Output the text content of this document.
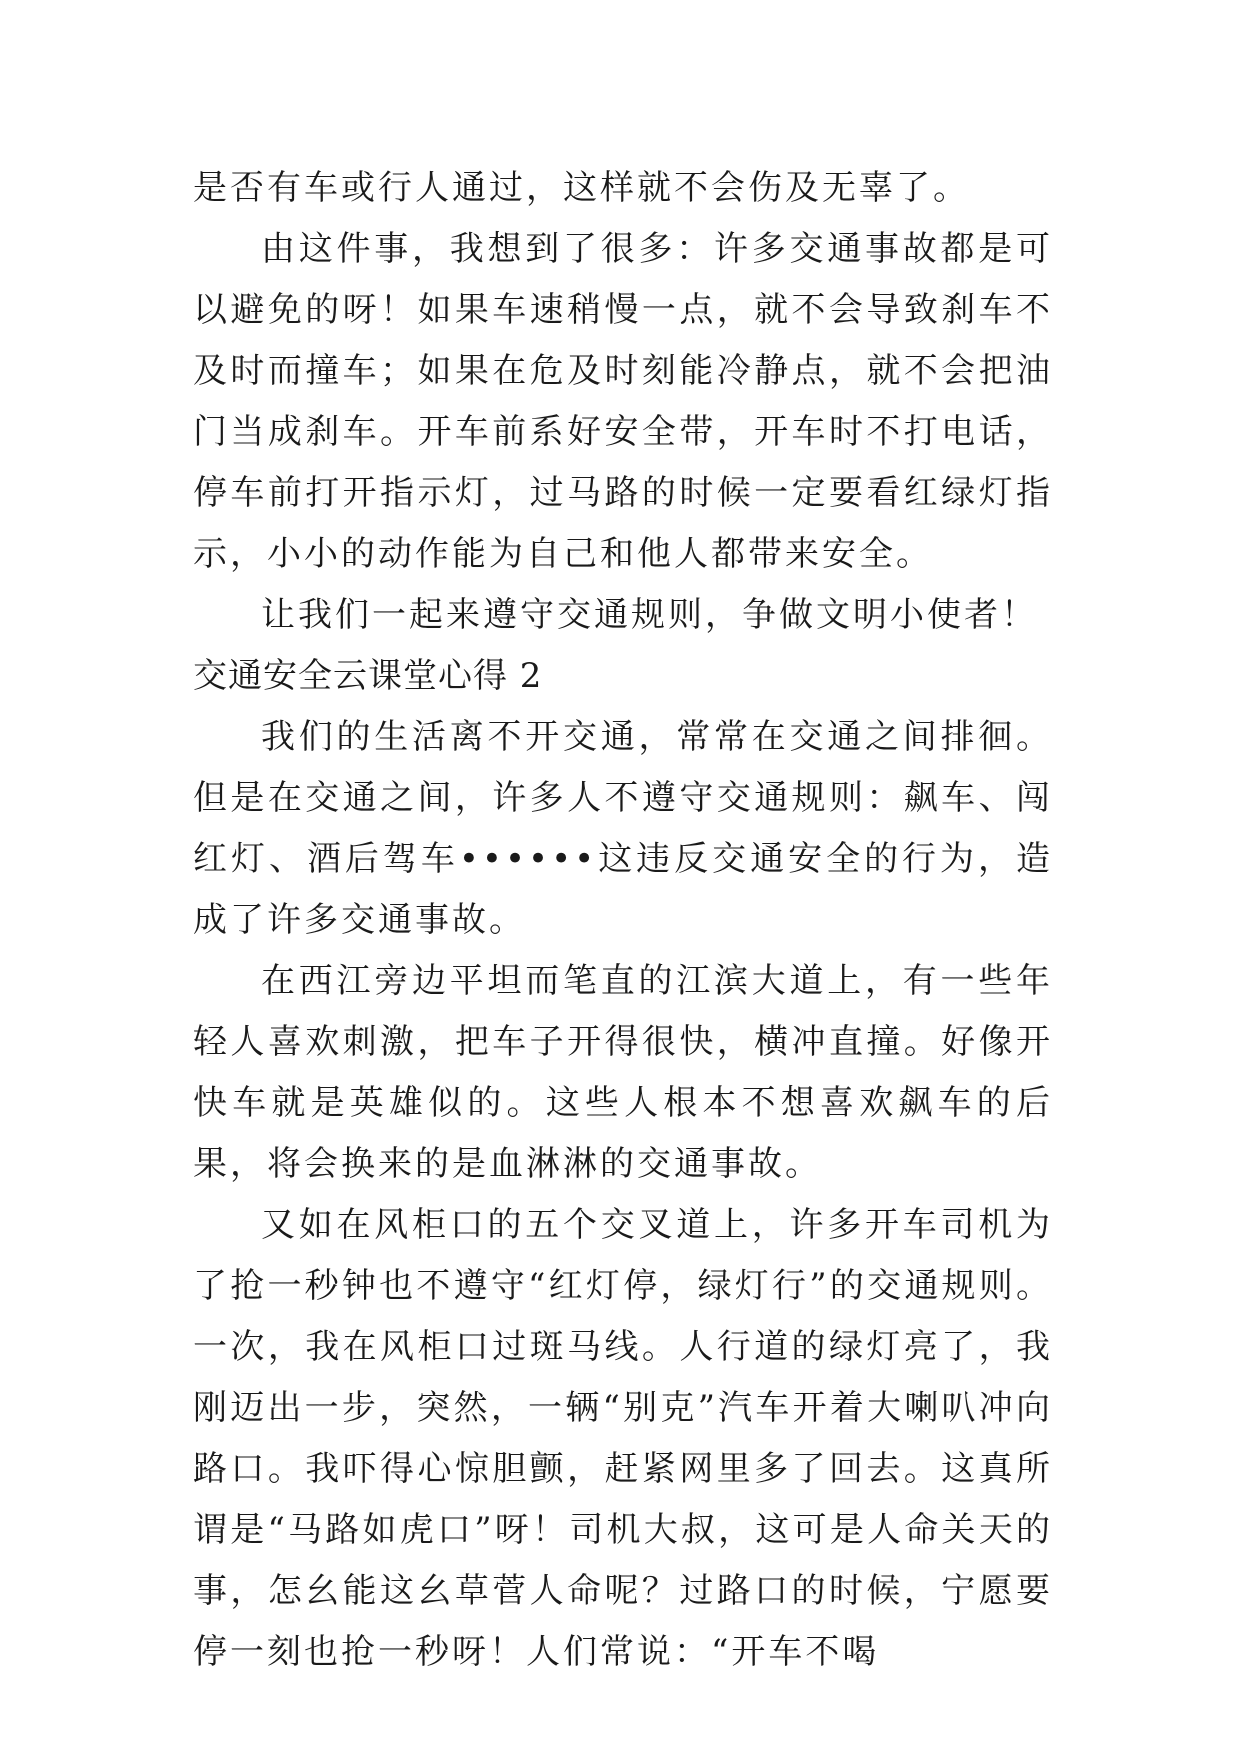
是否有车或行人通过，这样就不会伤及无辜了。

由这件事，我想到了很多：许多交通事故都是可以避免的呀！如果车速稍慢一点，就不会导致刹车不及时而撞车；如果在危及时刻能冷静点，就不会把油门当成刹车。开车前系好安全带，开车时不打电话，停车前打开指示灯，过马路的时候一定要看红绿灯指示，小小的动作能为自己和他人都带来安全。

让我们一起来遵守交通规则，争做文明小使者！

交通安全云课堂心得 2

我们的生活离不开交通，常常在交通之间排徊。但是在交通之间，许多人不遵守交通规则：飙车、闯红灯、酒后驾车••••••这违反交通安全的行为，造成了许多交通事故。

在西江旁边平坦而笔直的江滨大道上，有一些年轻人喜欢刺激，把车子开得很快，横冲直撞。好像开快车就是英雄似的。这些人根本不想喜欢飙车的后果，将会换来的是血淋淋的交通事故。

又如在风柜口的五个交叉道上，许多开车司机为了抢一秒钟也不遵守“红灯停，绿灯行”的交通规则。一次，我在风柜口过斑马线。人行道的绿灯亮了，我刚迈出一步，突然，一辆“别克”汽车开着大喇叭冲向路口。我吓得心惊胆颤，赶紧网里多了回去。这真所谓是“马路如虎口”呀！司机大叔，这可是人命关天的事，怎幺能这幺草菅人命呢？过路口的时候，宁愿要停一刻也抢一秒呀！人们常说：“开车不喝
